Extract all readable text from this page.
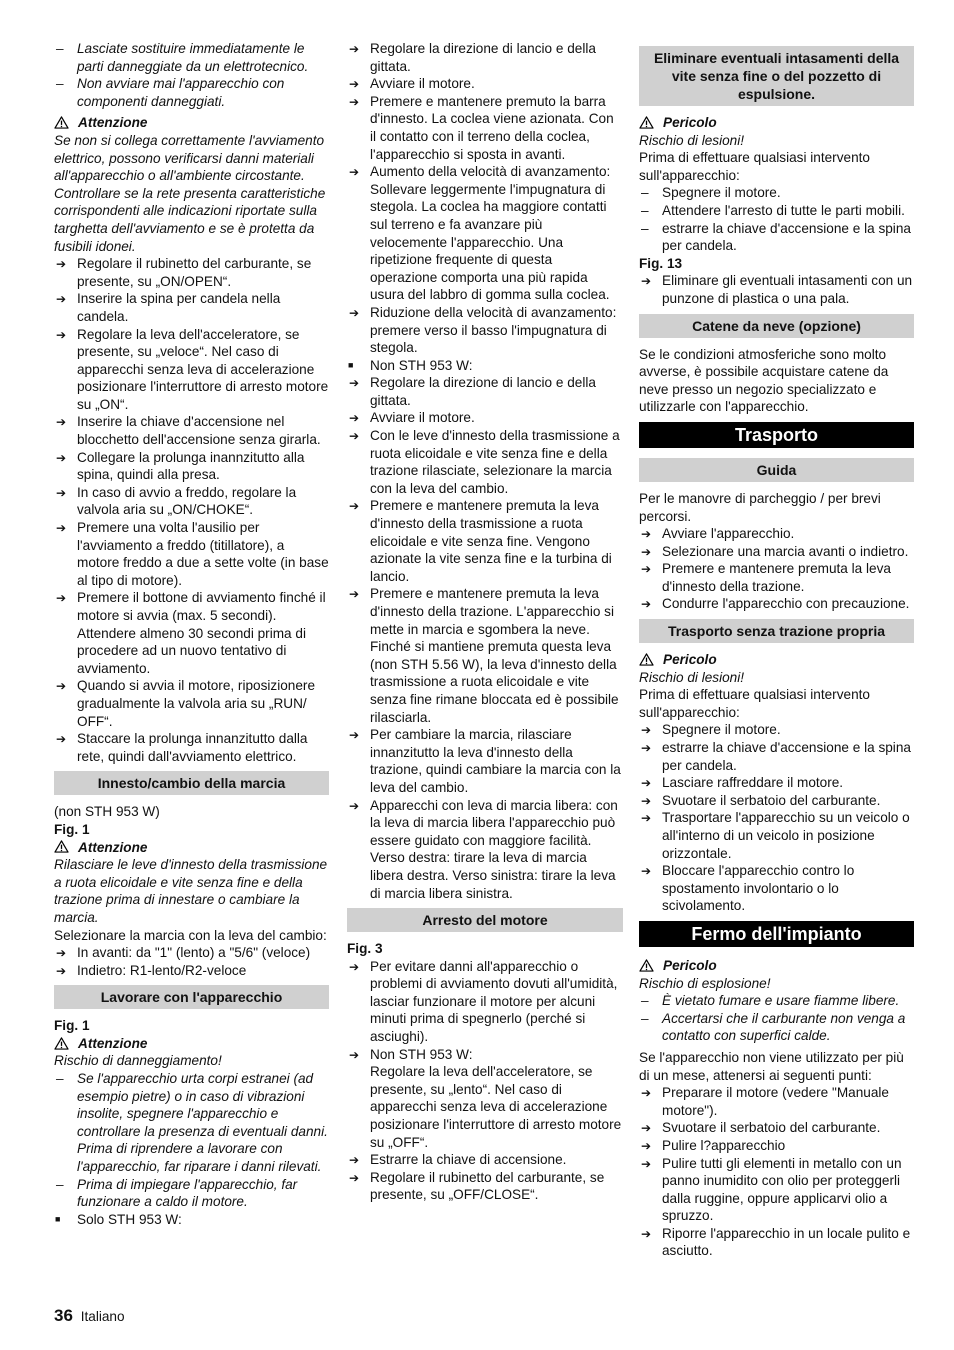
– Lasciate sostituire immediatamente le parti danneggiate da un elettrotecnico.
– Non avviare mai l'apparecchio con componenti danneggiati.
Attenzione
Se non si collega correttamente l'avviamento elettrico, possono verificarsi danni materiali all'apparecchio o all'ambiente circostante. Controllare se la rete presenta caratteristiche corrispondenti alle indicazioni riportate sulla targhetta dell'avviamento e se è protetta da fusibili idonei.
➔ Regolare il rubinetto del carburante, se presente, su „ON/OPEN“.
➔ Inserire la spina per candela nella candela.
➔ Regolare la leva dell'acceleratore, se presente, su „veloce“. Nel caso di apparecchi senza leva di accelerazione posizionare l'interruttore di arresto motore su „ON“.
➔ Inserire la chiave d'accensione nel blocchetto dell'accensione senza girarla.
➔ Collegare la prolunga inannzitutto alla spina, quindi alla presa.
➔ In caso di avvio a freddo, regolare la valvola aria su „ON/CHOKE“.
➔ Premere una volta l'ausilio per l'avviamento a freddo (titillatore), a motore freddo a due a sette volte (in base al tipo di motore).
➔ Premere il bottone di avviamento finché il motore si avvia (max. 5 secondi). Attendere almeno 30 secondi prima di procedere ad un nuovo tentativo di avviamento.
➔ Quando si avvia il motore, riposizionere gradualmente la valvola aria su „RUN/ OFF“.
➔ Staccare la prolunga innanzitutto dalla rete, quindi dall'avviamento elettrico.
Innesto/cambio della marcia
(non STH 953 W)
Fig. 1
Attenzione
Rilasciare le leve d'innesto della trasmissione a ruota elicoidale e vite senza fine e della trazione prima di innestare o cambiare la marcia.
Selezionare la marcia con la leva del cambio:
➔ In avanti: da "1" (lento) a "5/6" (veloce)
➔ Indietro: R1-lento/R2-veloce
Lavorare con l'apparecchio
Fig. 1
Attenzione
Rischio di danneggiamento!
– Se l'apparecchio urta corpi estranei (ad esempio pietre) o in caso di vibrazioni insolite, spegnere l'apparecchio e controllare la presenza di eventuali danni. Prima di riprendere a lavorare con l'apparecchio, far riparare i danni rilevati.
– Prima di impiegare l'apparecchio, far funzionare a caldo il motore.
■ Solo STH 953 W:
➔ Regolare la direzione di lancio e della gittata.
➔ Avviare il motore.
➔ Premere e mantenere premuto la barra d'innesto. La coclea viene azionata. Con il contatto con il terreno della coclea, l'apparecchio si sposta in avanti.
➔ Aumento della velocità di avanzamento: Sollevare leggermente l'impugnatura di stegola. La coclea ha maggiore contatti sul terreno e fa avanzare più velocemente l'apparecchio. Una ripetizione frequente di questa operazione comporta una più rapida usura del labbro di gomma sulla coclea.
➔ Riduzione della velocità di avanzamento: premere verso il basso l'impugnatura di stegola.
■ Non STH 953 W:
➔ Regolare la direzione di lancio e della gittata.
➔ Avviare il motore.
➔ Con le leve d'innesto della trasmissione a ruota elicoidale e vite senza fine e della trazione rilasciate, selezionare la marcia con la leva del cambio.
➔ Premere e mantenere premuta la leva d'innesto della trasmissione a ruota elicoidale e vite senza fine. Vengono azionate la vite senza fine e la turbina di lancio.
➔ Premere e mantenere premuta la leva d'innesto della trazione. L'apparecchio si mette in marcia e sgombera la neve. Finché si mantiene premuta questa leva (non STH 5.56 W), la leva d'innesto della trasmissione a ruota elicoidale e vite senza fine rimane bloccata ed è possibile rilasciarla.
➔ Per cambiare la marcia, rilasciare innanzitutto la leva d'innesto della trazione, quindi cambiare la marcia con la leva del cambio.
➔ Apparecchi con leva di marcia libera: con la leva di marcia libera l'apparecchio può essere guidato con maggiore facilità. Verso destra: tirare la leva di marcia libera destra. Verso sinistra: tirare la leva di marcia libera sinistra.
Arresto del motore
Fig. 3
➔ Per evitare danni all'apparecchio o problemi di avviamento dovuti all'umidità, lasciar funzionare il motore per alcuni minuti prima di spegnerlo (perché si asciughi).
➔ Non STH 953 W:
Regolare la leva dell'acceleratore, se presente, su „lento“. Nel caso di apparecchi senza leva di accelerazione posizionare l'interruttore di arresto motore su „OFF“.
➔ Estrarre la chiave di accensione.
➔ Regolare il rubinetto del carburante, se presente, su „OFF/CLOSE“.
Eliminare eventuali intasamenti della vite senza fine o del pozzetto di espulsione.
Pericolo
Rischio di lesioni!
Prima di effettuare qualsiasi intervento sull'apparecchio:
– Spegnere il motore.
– Attendere l'arresto di tutte le parti mobili.
– estrarre la chiave d'accensione e la spina per candela.
Fig. 13
➔ Eliminare gli eventuali intasamenti con un punzone di plastica o una pala.
Catene da neve (opzione)
Se le condizioni atmosferiche sono molto avverse, è possibile acquistare catene da neve presso un negozio specializzato e utilizzarle con l'apparecchio.
Trasporto
Guida
Per le manovre di parcheggio / per brevi percorsi.
➔ Avviare l'apparecchio.
➔ Selezionare una marcia avanti o indietro.
➔ Premere e mantenere premuta la leva d'innesto della trazione.
➔ Condurre l'apparecchio con precauzione.
Trasporto senza trazione propria
Pericolo
Rischio di lesioni!
Prima di effettuare qualsiasi intervento sull'apparecchio:
➔ Spegnere il motore.
➔ estrarre la chiave d'accensione e la spina per candela.
➔ Lasciare raffreddare il motore.
➔ Svuotare il serbatoio del carburante.
➔ Trasportare l'apparecchio su un veicolo o all'interno di un veicolo in posizione orizzontale.
➔ Bloccare l'apparecchio contro lo spostamento involontario o lo scivolamento.
Fermo dell'impianto
Pericolo
Rischio di esplosione!
– È vietato fumare e usare fiamme libere.
– Accertarsi che il carburante non venga a contatto con superfici calde.
Se l'apparecchio non viene utilizzato per più di un mese, attenersi ai seguenti punti:
➔ Preparare il motore (vedere "Manuale motore").
➔ Svuotare il serbatoio del carburante.
➔ Pulire l?apparecchio
➔ Pulire tutti gli elementi in metallo con un panno inumidito con olio per proteggerli dalla ruggine, oppure applicarvi olio a spruzzo.
➔ Riporre l'apparecchio in un locale pulito e asciutto.
36 Italiano
